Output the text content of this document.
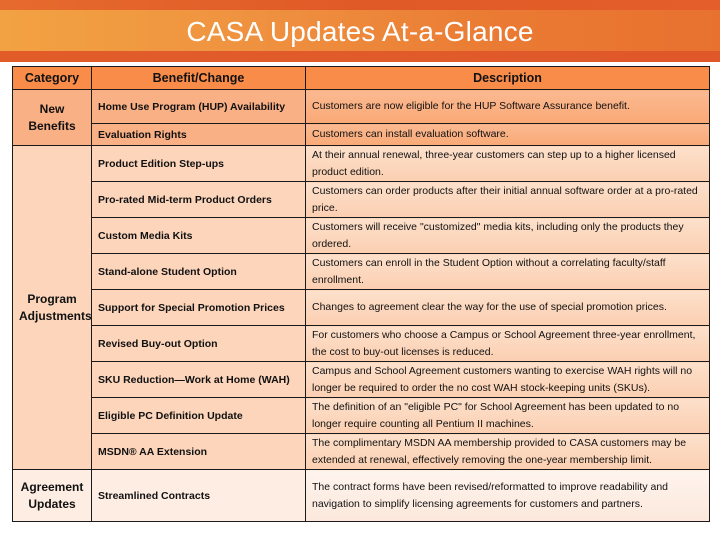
CASA Updates At-a-Glance
Category	Benefit/Change	Description
New Benefits	Home Use Program (HUP) Availability	Customers are now eligible for the HUP Software Assurance benefit.
	Evaluation Rights	Customers can install evaluation software.
Program Adjustments	Product Edition Step-ups	At their annual renewal, three-year customers can step up to a higher licensed product edition.
	Pro-rated Mid-term Product Orders	Customers can order products after their initial annual software order at a pro-rated price.
	Custom Media Kits	Customers will receive "customized" media kits, including only the products they ordered.
	Stand-alone Student Option	Customers can enroll in the Student Option without a correlating faculty/staff enrollment.
	Support for Special Promotion Prices	Changes to agreement clear the way for the use of special promotion prices.
	Revised Buy-out Option	For customers who choose a Campus or School Agreement three-year enrollment, the cost to buy-out licenses is reduced.
	SKU Reduction—Work at Home (WAH)	Campus and School Agreement customers wanting to exercise WAH rights will no longer be required to order the no cost WAH stock-keeping units (SKUs).
	Eligible PC Definition Update	The definition of an "eligible PC" for School Agreement has been updated to no longer require counting all Pentium II machines.
	MSDN® AA Extension	The complimentary MSDN AA membership provided to CASA customers may be extended at renewal, effectively removing the one-year membership limit.
Agreement Updates	Streamlined Contracts	The contract forms have been revised/reformatted to improve readability and navigation to simplify licensing agreements for customers and partners.
